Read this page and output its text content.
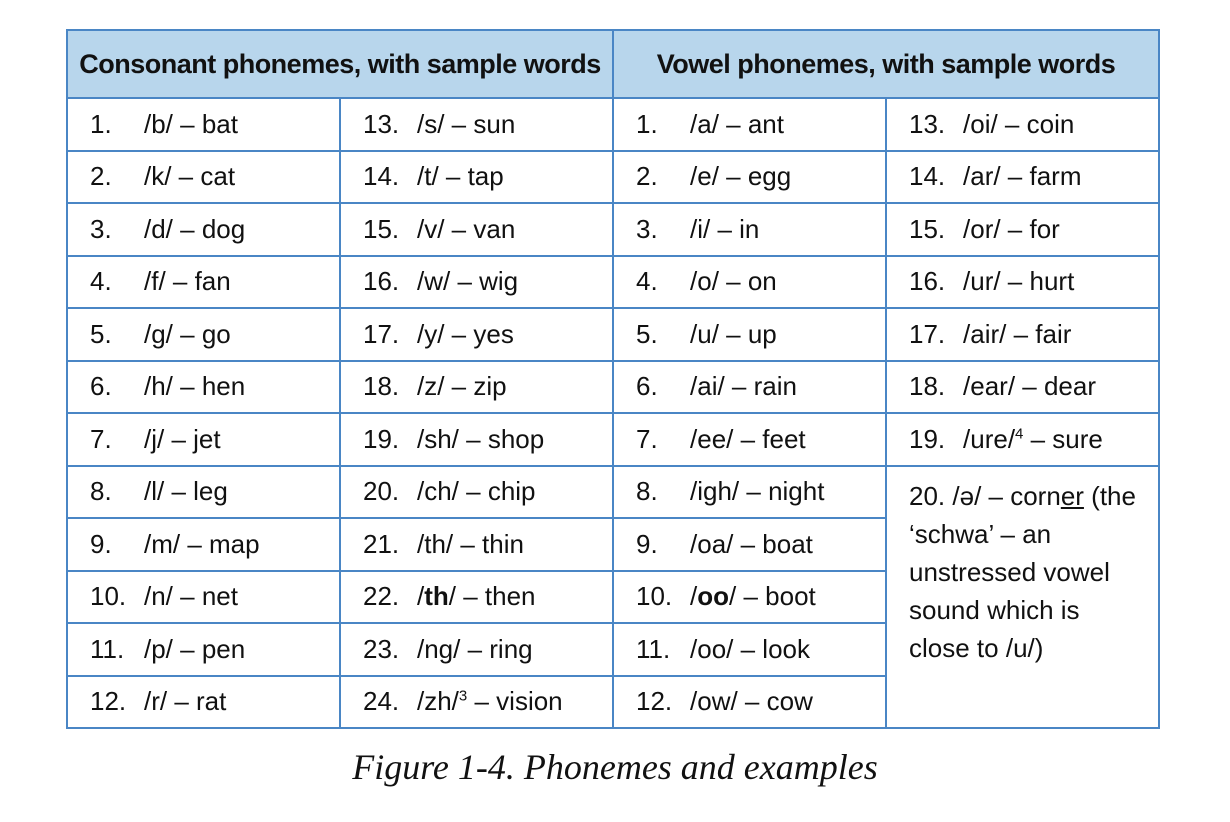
Consonant phonemes, with sample words		Vowel phonemes, with sample words	
1. /b/ – bat	13. /s/ – sun	1. /a/ – ant	13. /oi/ – coin
2. /k/ – cat	14. /t/ – tap	2. /e/ – egg	14. /ar/ – farm
3. /d/ – dog	15. /v/ – van	3. /i/ – in	15. /or/ – for
4. /f/ – fan	16. /w/ – wig	4. /o/ – on	16. /ur/ – hurt
5. /g/ – go	17. /y/ – yes	5. /u/ – up	17. /air/ – fair
6. /h/ – hen	18. /z/ – zip	6. /ai/ – rain	18. /ear/ – dear
7. /j/ – jet	19. /sh/ – shop	7. /ee/ – feet	19. /ure/$^4$ – sure
8. /l/ – leg	20. /ch/ – chip	8. /igh/ – night	20. /ə/ – corner (the ‘schwa’ – an unstressed vowel sound which is close to /u/)
9. /m/ – map	21. /th/ – thin	9. /oa/ – boat	
10. /n/ – net	22. /th/ – then	10. /oo/ – boot	
11. /p/ – pen	23. /ng/ – ring	11. /oo/ – look	
12. /r/ – rat	24. /zh/$^3$ – vision	12. /ow/ – cow	
Figure 1-4. Phonemes and examples
